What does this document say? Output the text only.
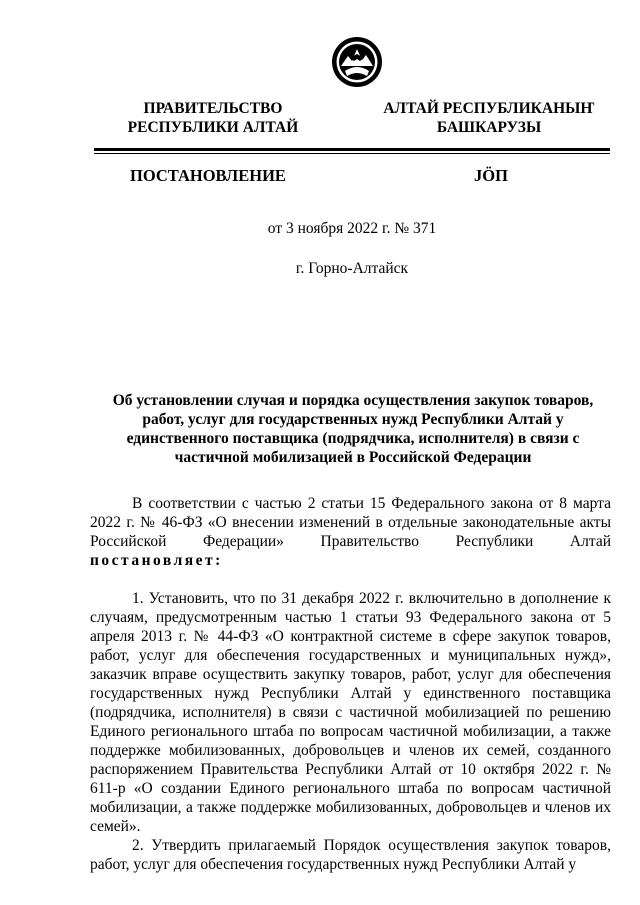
ПРАВИТЕЛЬСТВО
РЕСПУБЛИКИ АЛТАЙ
АЛТАЙ РЕСПУБЛИКАНЫҤ
БАШКАРУЗЫ
ПОСТАНОВЛЕНИЕ	JÖП
от 3 ноября 2022 г. № 371
г. Горно-Алтайск
Об установлении случая и порядка осуществления закупок товаров, работ, услуг для государственных нужд Республики Алтай у единственного поставщика (подрядчика, исполнителя) в связи с частичной мобилизацией в Российской Федерации

В соответствии с частью 2 статьи 15 Федерального закона от 8 марта 2022 г. № 46-ФЗ «О внесении изменений в отдельные законодательные акты Российской Федерации» Правительство Республики Алтай постановляет:

1. Установить, что по 31 декабря 2022 г. включительно в дополнение к случаям, предусмотренным частью 1 статьи 93 Федерального закона от 5 апреля 2013 г. № 44-ФЗ «О контрактной системе в сфере закупок товаров, работ, услуг для обеспечения государственных и муниципальных нужд», заказчик вправе осуществить закупку товаров, работ, услуг для обеспечения государственных нужд Республики Алтай у единственного поставщика (подрядчика, исполнителя) в связи с частичной мобилизацией по решению Единого регионального штаба по вопросам частичной мобилизации, а также поддержке мобилизованных, добровольцев и членов их семей, созданного распоряжением Правительства Республики Алтай от 10 октября 2022 г. № 611-р «О создании Единого регионального штаба по вопросам частичной мобилизации, а также поддержке мобилизованных, добровольцев и членов их семей».

2. Утвердить прилагаемый Порядок осуществления закупок товаров, работ, услуг для обеспечения государственных нужд Республики Алтай у
